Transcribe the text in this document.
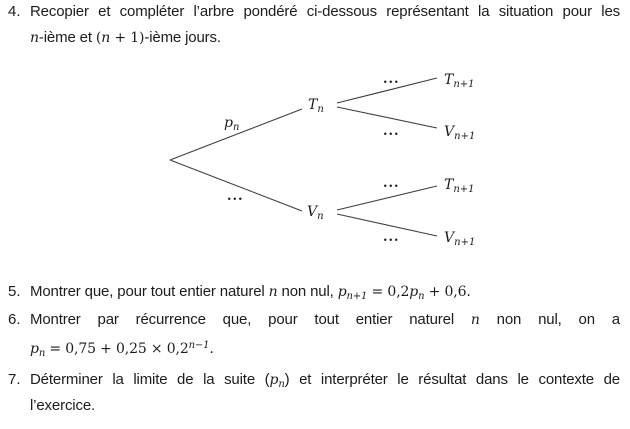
$T_n$
$V_n$
$T_{n+1}$
$V_{n+1}$
$T_{n+1}$
$V_{n+1}$
$p_n$
...
...
...
...
...
4. Recopier et compléter l’arbre pondéré ci-dessous représentant la situation pour les
n-ième et (n + 1)-ième jours.
5. Montrer que, pour tout entier naturel n non nul, $p_{n+1} = 0,2p_n + 0,6$.
6. Montrer par récurrence que, pour tout entier naturel n non nul, on a
$p_n = 0,75 + 0,25 \times 0,2^{n-1}$.
7. Déterminer la limite de la suite $(p_n)$ et interpréter le résultat dans le contexte de
l’exercice.
